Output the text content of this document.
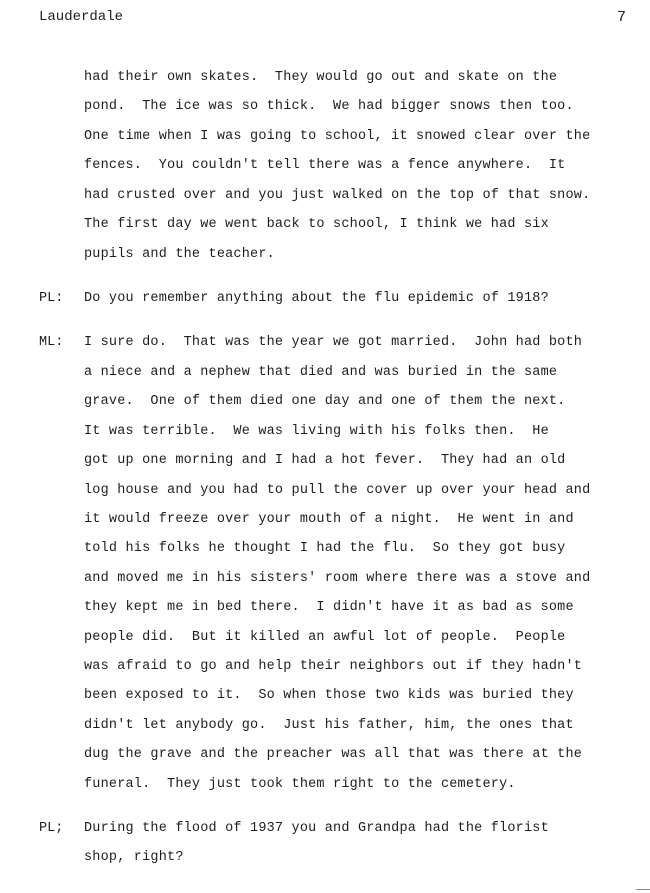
Lauderdale	7
had their own skates.  They would go out and skate on the
pond.  The ice was so thick.  We had bigger snows then too.
One time when I was going to school, it snowed clear over the
fences.  You couldn't tell there was a fence anywhere.  It
had crusted over and you just walked on the top of that snow.
The first day we went back to school, I think we had six
pupils and the teacher.
PL: Do you remember anything about the flu epidemic of 1918?
ML: I sure do.  That was the year we got married.  John had both
a niece and a nephew that died and was buried in the same
grave.  One of them died one day and one of them the next.
It was terrible.  We was living with his folks then.  He
got up one morning and I had a hot fever.  They had an old
log house and you had to pull the cover up over your head and
it would freeze over your mouth of a night.  He went in and
told his folks he thought I had the flu.  So they got busy
and moved me in his sisters' room where there was a stove and
they kept me in bed there.  I didn't have it as bad as some
people did.  But it killed an awful lot of people.  People
was afraid to go and help their neighbors out if they hadn't
been exposed to it.  So when those two kids was buried they
didn't let anybody go.  Just his father, him, the ones that
dug the grave and the preacher was all that was there at the
funeral.  They just took them right to the cemetery.
PL; During the flood of 1937 you and Grandpa had the florist
shop, right?
